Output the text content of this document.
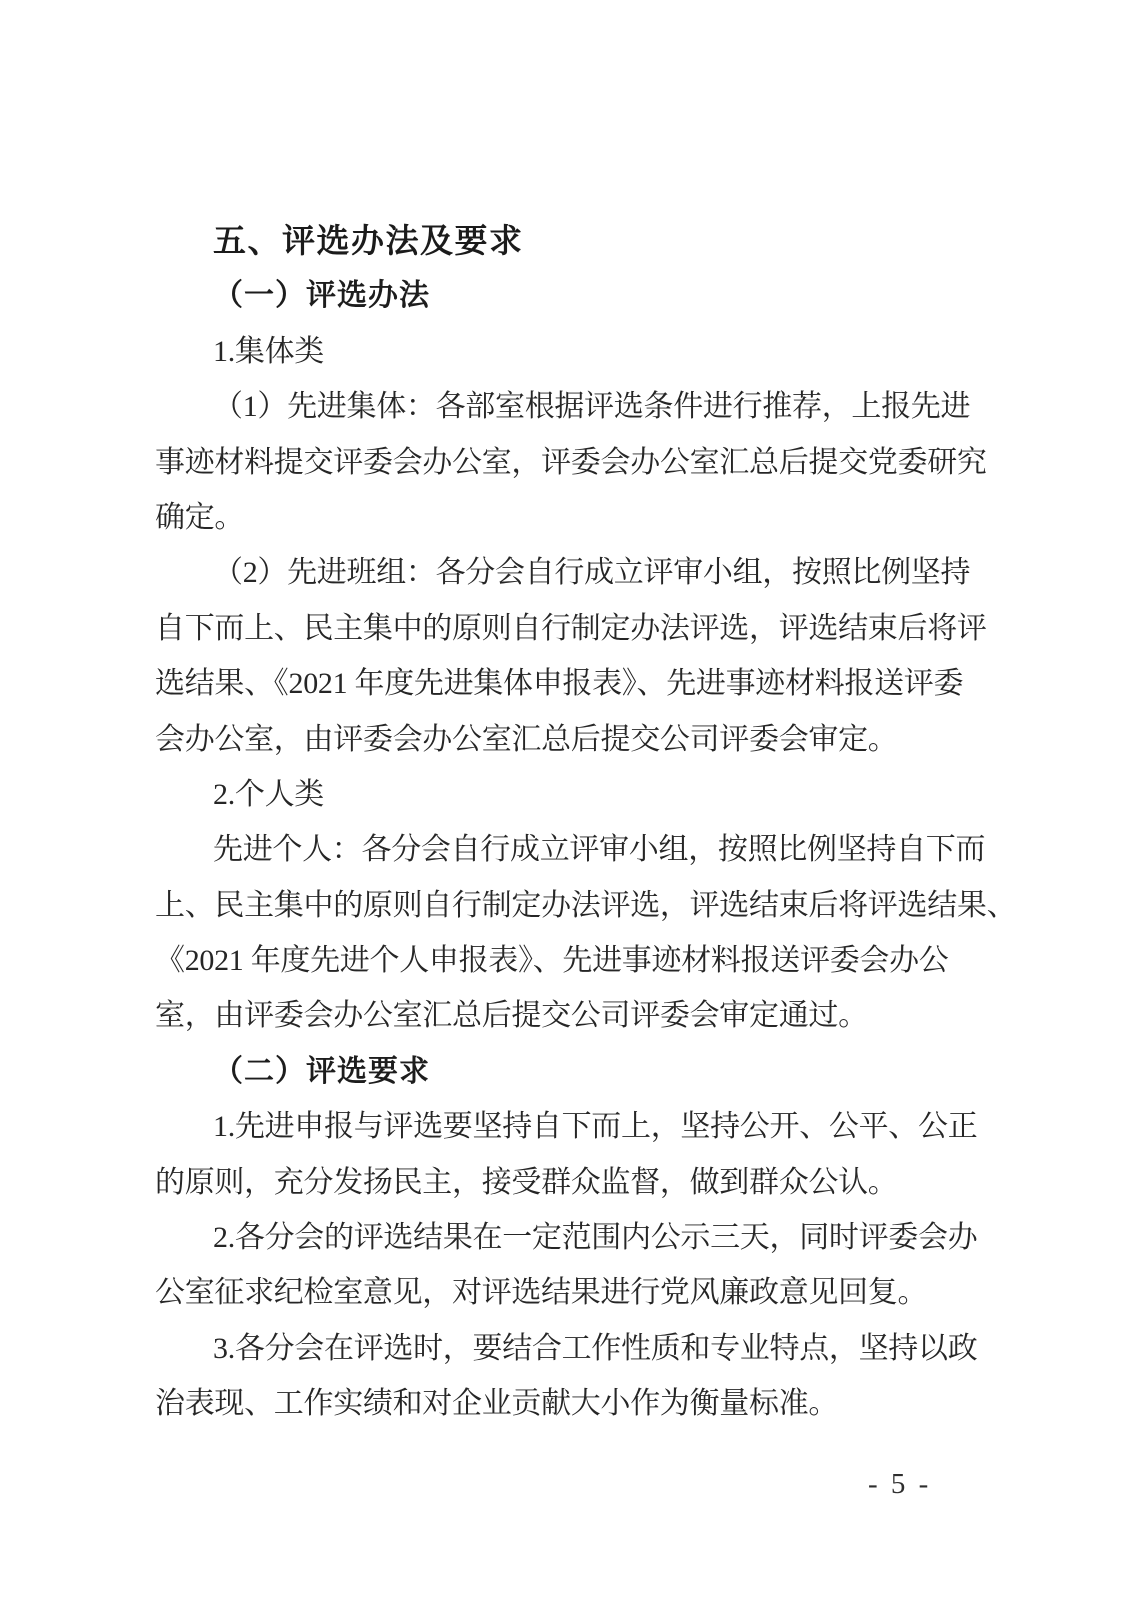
五、评选办法及要求
（一）评选办法
1.集体类
（1）先进集体：各部室根据评选条件进行推荐，上报先进
事迹材料提交评委会办公室，评委会办公室汇总后提交党委研究
确定。
（2）先进班组：各分会自行成立评审小组，按照比例坚持
自下而上、民主集中的原则自行制定办法评选，评选结束后将评
选结果、《2021 年度先进集体申报表》、先进事迹材料报送评委
会办公室，由评委会办公室汇总后提交公司评委会审定。
2.个人类
先进个人：各分会自行成立评审小组，按照比例坚持自下而
上、民主集中的原则自行制定办法评选，评选结束后将评选结果、
《2021 年度先进个人申报表》、先进事迹材料报送评委会办公
室，由评委会办公室汇总后提交公司评委会审定通过。
（二）评选要求
1.先进申报与评选要坚持自下而上，坚持公开、公平、公正
的原则，充分发扬民主，接受群众监督，做到群众公认。
2.各分会的评选结果在一定范围内公示三天，同时评委会办
公室征求纪检室意见，对评选结果进行党风廉政意见回复。
3.各分会在评选时，要结合工作性质和专业特点，坚持以政
治表现、工作实绩和对企业贡献大小作为衡量标准。
- 5 -
